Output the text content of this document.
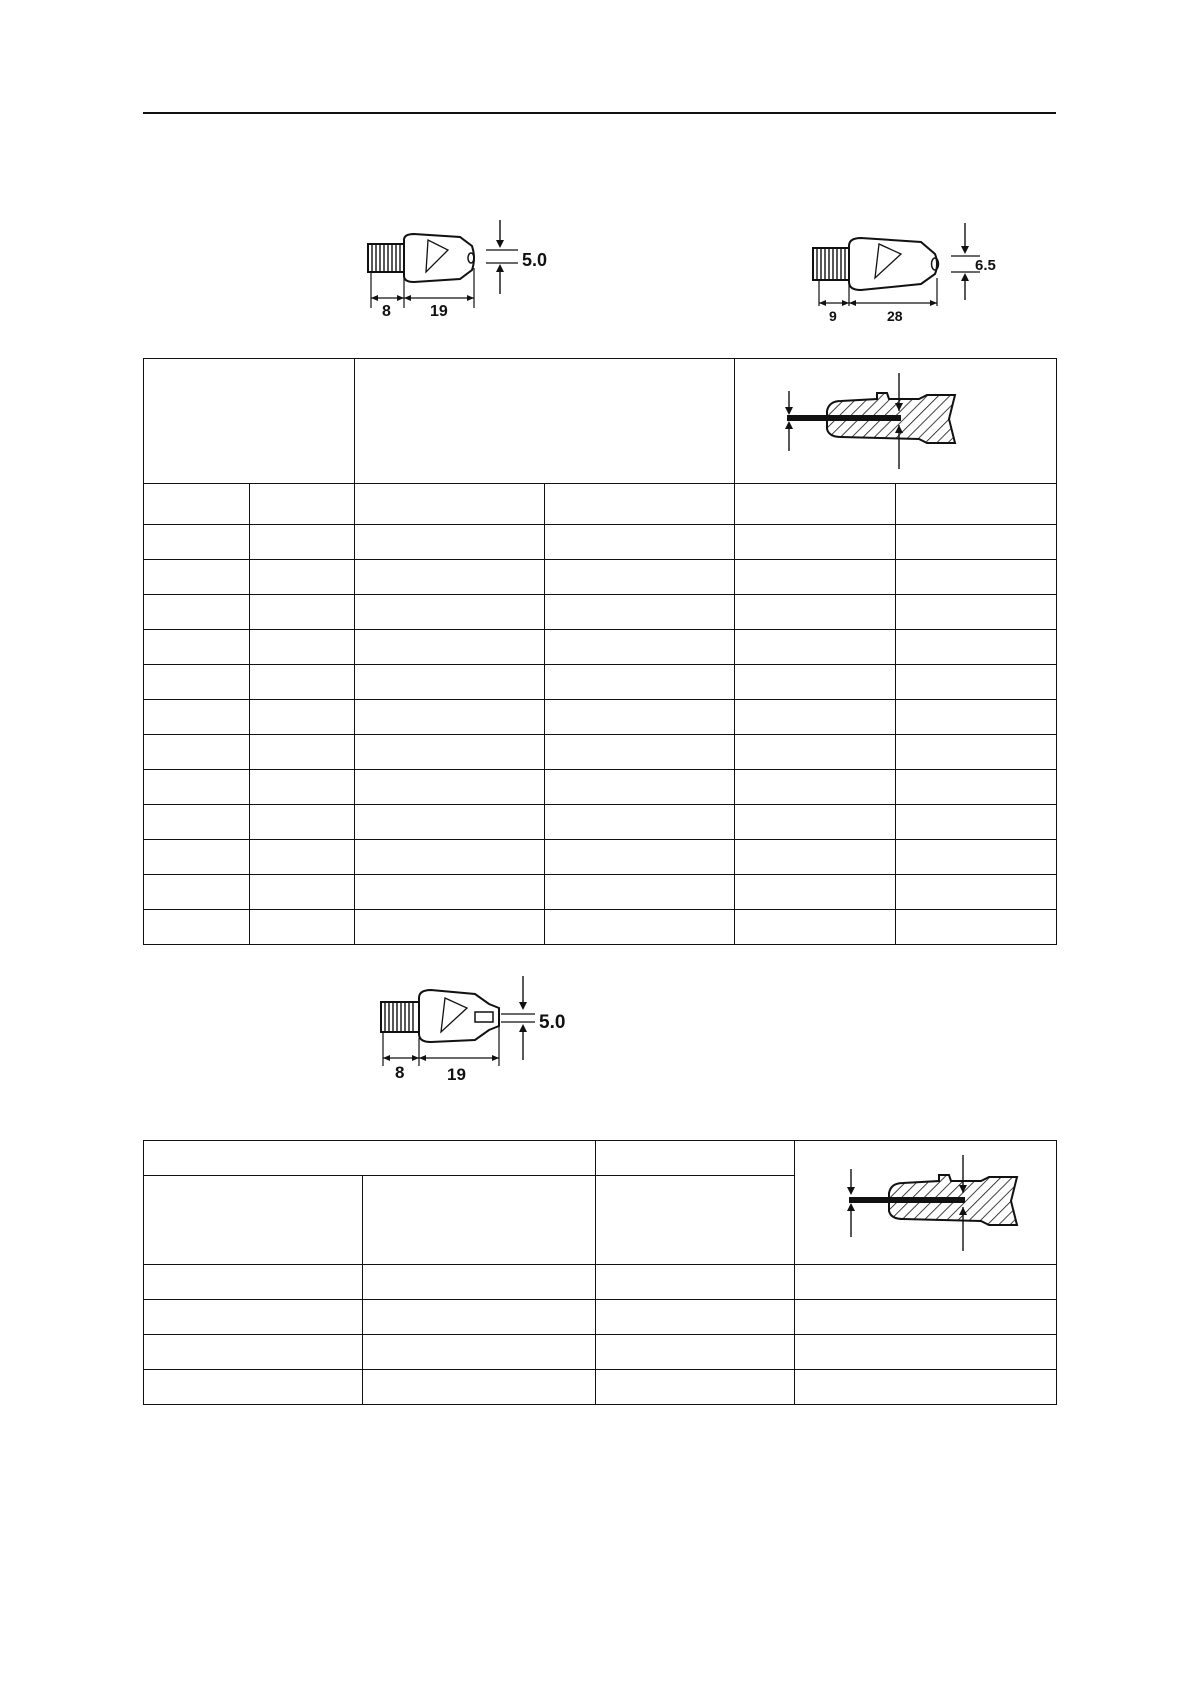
5.0
8 19
6.5
9	28

5.0
8	19
